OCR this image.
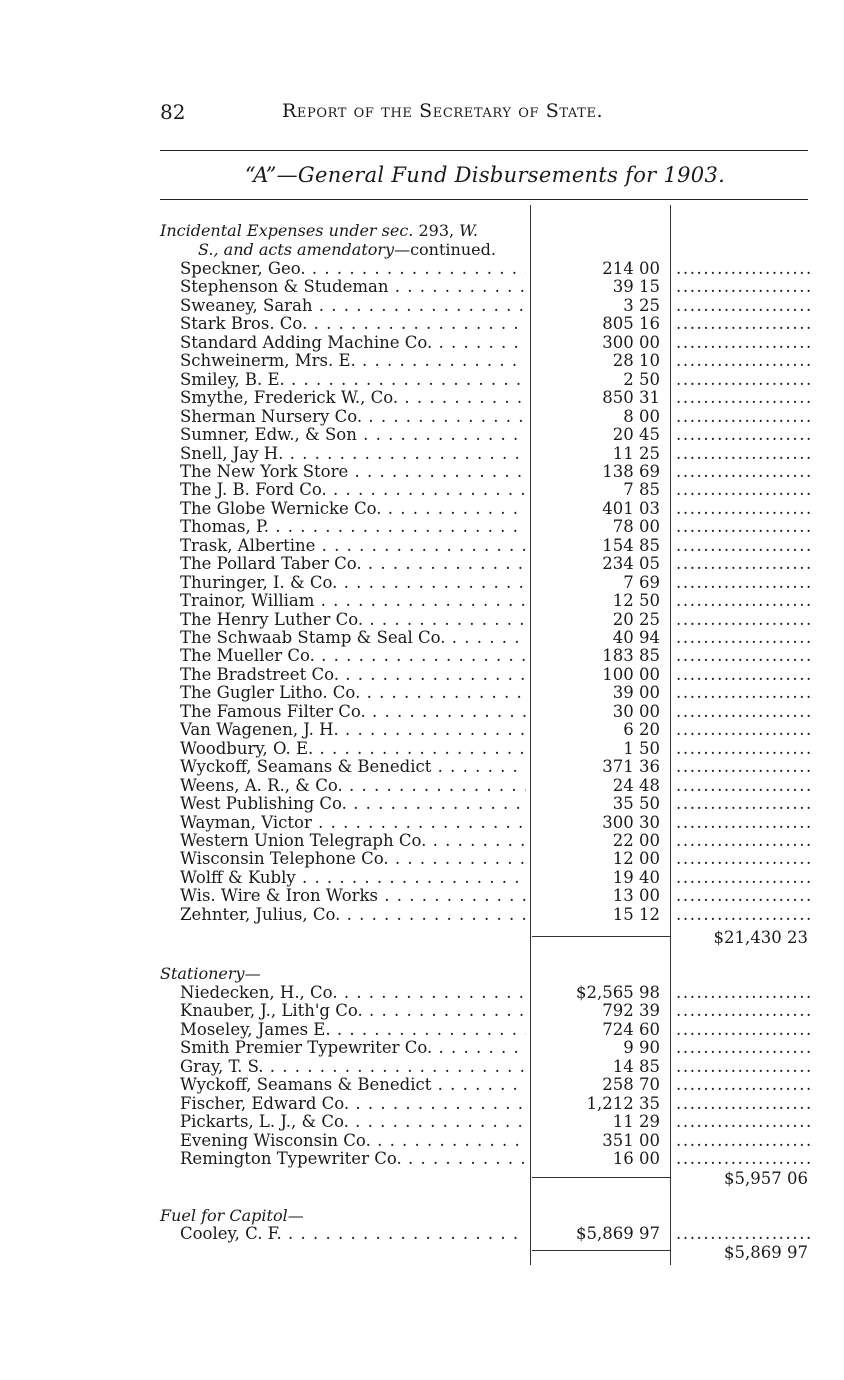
82	Report of the Secretary of State.
“A”—General Fund Disbursements for 1903.
Incidental Expenses under sec. 293, W.
S., and acts amendatory—continued.
Speckner, Geo. . . .	214 00
.....
Stephenson & Studeman . . .	39 15
.....
Sweaney, Sarah . . .	3 25
.....
Stark Bros. Co. . . .	805 16
.....
Standard Adding Machine Co. . . .	300 00
.....
Schweinerm, Mrs. E. . . .	28 10
.....
Smiley, B. E. . . .	2 50
.....
Smythe, Frederick W., Co. . . .	850 31
.....
Sherman Nursery Co. . . .	8 00
.....
Sumner, Edw., & Son . . .	20 45
.....
Snell, Jay H. . . .	11 25
.....
The New York Store . . .	138 69
.....
The J. B. Ford Co. . . .	7 85
.....
The Globe Wernicke Co. . . .	401 03
.....
Thomas, P. . . .	78 00
.....
Trask, Albertine . . .	154 85
.....
The Pollard Taber Co. . . .	234 05
.....
Thuringer, I. & Co. . . .	7 69
.....
Trainor, William . . .	12 50
.....
The Henry Luther Co. . . .	20 25
.....
The Schwaab Stamp & Seal Co. . . .	40 94
.....
The Mueller Co. . . .	183 85
.....
The Bradstreet Co. . . .	100 00
.....
The Gugler Litho. Co. . . .	39 00
.....
The Famous Filter Co. . . .	30 00
.....
Van Wagenen, J. H. . . .	6 20
.....
Woodbury, O. E. . . .	1 50
.....
Wyckoff, Seamans & Benedict . . .	371 36
.....
Weens, A. R., & Co. . . .	24 48
.....
West Publishing Co. . . .	35 50
.....
Wayman, Victor . . .	300 30
.....
Western Union Telegraph Co. . . .	22 00
.....
Wisconsin Telephone Co. . . .	12 00
.....
Wolff & Kubly . . .	19 40
.....
Wis. Wire & Iron Works . . .	13 00
.....
Zehnter, Julius, Co. . . .	15 12
.....
$21,430 23
Stationery—
Niedecken, H., Co. . . .	$2,565 98
.....
Knauber, J., Lith'g Co. . . .	792 39
.....
Moseley, James E. . . .	724 60
.....
Smith Premier Typewriter Co. . . .	9 90
.....
Gray, T. S. . . .	14 85
.....
Wyckoff, Seamans & Benedict . . .	258 70
.....
Fischer, Edward Co. . . .	1,212 35
.....
Pickarts, L. J., & Co. . . .	11 29
.....
Evening Wisconsin Co. . . .	351 00
.....
Remington Typewriter Co. . . .	16 00
.....
$5,957 06
Fuel for Capitol—
Cooley, C. F. . . .	$5,869 97
.....
$5,869 97
